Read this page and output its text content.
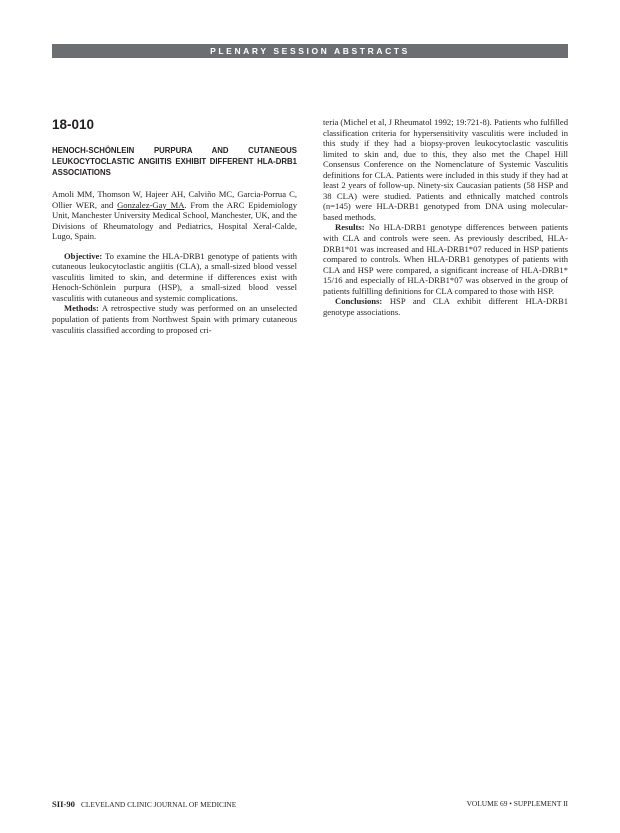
PLENARY SESSION ABSTRACTS
18-010
HENOCH-SCHÖNLEIN PURPURA AND CUTANEOUS LEUKOCYTOCLASTIC ANGIITIS EXHIBIT DIFFERENT HLA-DRB1 ASSOCIATIONS

Amoli MM, Thomson W, Hajeer AH, Calviño MC, Garcia-Porrua C, Ollier WER, and Gonzalez-Gay MA. From the ARC Epidemiology Unit, Manchester University Medical School, Manchester, UK, and the Divisions of Rheumatology and Pediatrics, Hospital Xeral-Calde, Lugo, Spain.

Objective: To examine the HLA-DRB1 genotype of patients with cutaneous leukocytoclastic angiitis (CLA), a small-sized blood vessel vasculitis limited to skin, and determine if differences exist with Henoch-Schönlein purpura (HSP), a small-sized blood vessel vasculitis with cutaneous and systemic complications.

Methods: A retrospective study was performed on an unselected population of patients from Northwest Spain with primary cutaneous vasculitis classified according to proposed cri-

teria (Michel et al, J Rheumatol 1992; 19:721-8). Patients who fulfilled classification criteria for hypersensitivity vasculitis were included in this study if they had a biopsy-proven leukocytoclastic vasculitis limited to skin and, due to this, they also met the Chapel Hill Consensus Conference on the Nomenclature of Systemic Vasculitis definitions for CLA. Patients were included in this study if they had at least 2 years of follow-up. Ninety-six Caucasian patients (58 HSP and 38 CLA) were studied. Patients and ethnically matched controls (n=145) were HLA-DRB1 genotyped from DNA using molecular-based methods.

Results: No HLA-DRB1 genotype differences between patients with CLA and controls were seen. As previously described, HLA-DRB1*01 was increased and HLA-DRB1*07 reduced in HSP patients compared to controls. When HLA-DRB1 genotypes of patients with CLA and HSP were compared, a significant increase of HLA-DRB1* 15/16 and especially of HLA-DRB1*07 was observed in the group of patients fulfilling definitions for CLA compared to those with HSP.

Conclusions: HSP and CLA exhibit different HLA-DRB1 genotype associations.

SII-90 CLEVELAND CLINIC JOURNAL OF MEDICINE	VOLUME 69 • SUPPLEMENT II
